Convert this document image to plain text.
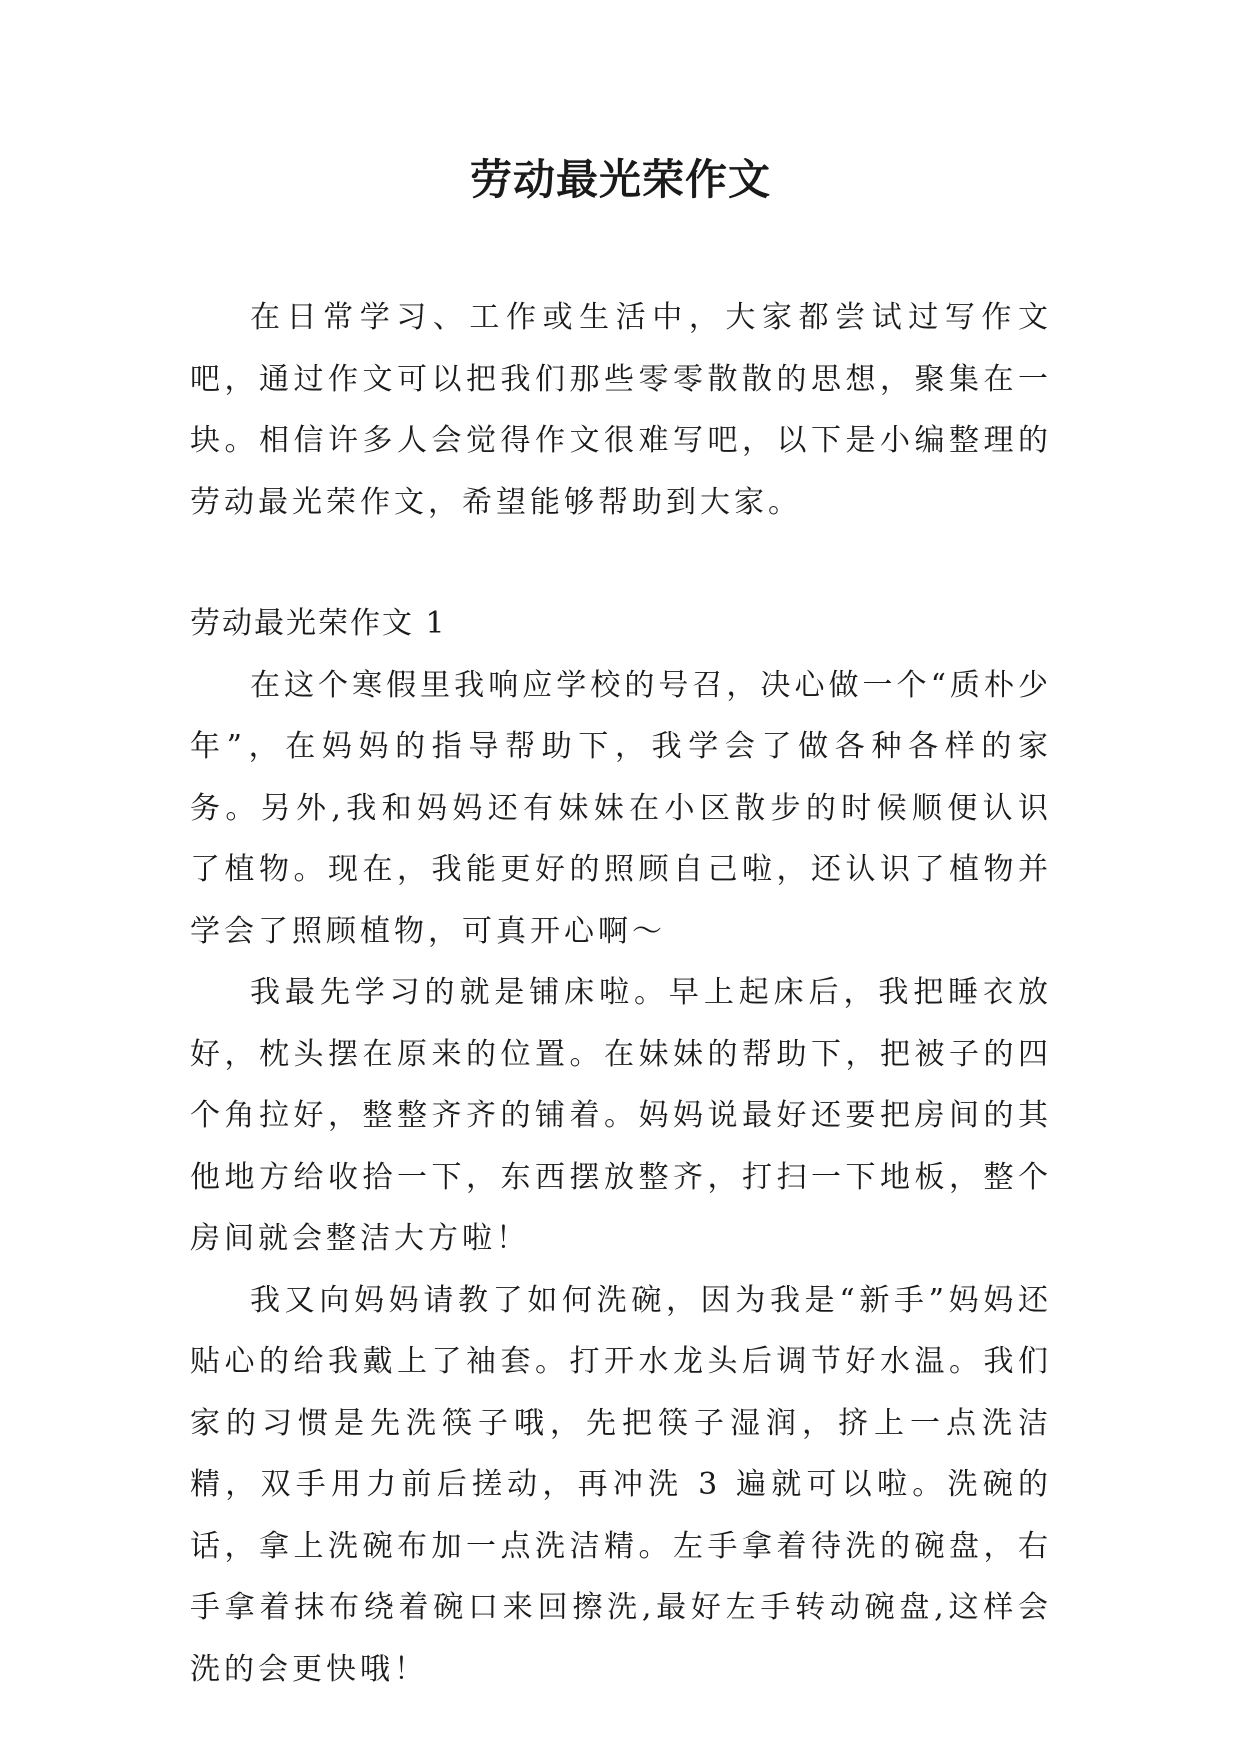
劳动最光荣作文

在日常学习、工作或生活中，大家都尝试过写作文吧，通过作文可以把我们那些零零散散的思想，聚集在一块。相信许多人会觉得作文很难写吧，以下是小编整理的劳动最光荣作文，希望能够帮助到大家。

劳动最光荣作文 1

在这个寒假里我响应学校的号召，决心做一个“质朴少年”，在妈妈的指导帮助下，我学会了做各种各样的家务。另外,我和妈妈还有妹妹在小区散步的时候顺便认识了植物。现在，我能更好的照顾自己啦，还认识了植物并学会了照顾植物，可真开心啊～

我最先学习的就是铺床啦。早上起床后，我把睡衣放好，枕头摆在原来的位置。在妹妹的帮助下，把被子的四个角拉好，整整齐齐的铺着。妈妈说最好还要把房间的其他地方给收拾一下，东西摆放整齐，打扫一下地板，整个房间就会整洁大方啦！

我又向妈妈请教了如何洗碗，因为我是“新手”妈妈还贴心的给我戴上了袖套。打开水龙头后调节好水温。我们家的习惯是先洗筷子哦，先把筷子湿润，挤上一点洗洁精，双手用力前后搓动，再冲洗 3 遍就可以啦。洗碗的话，拿上洗碗布加一点洗洁精。左手拿着待洗的碗盘，右手拿着抹布绕着碗口来回擦洗,最好左手转动碗盘,这样会洗的会更快哦！
